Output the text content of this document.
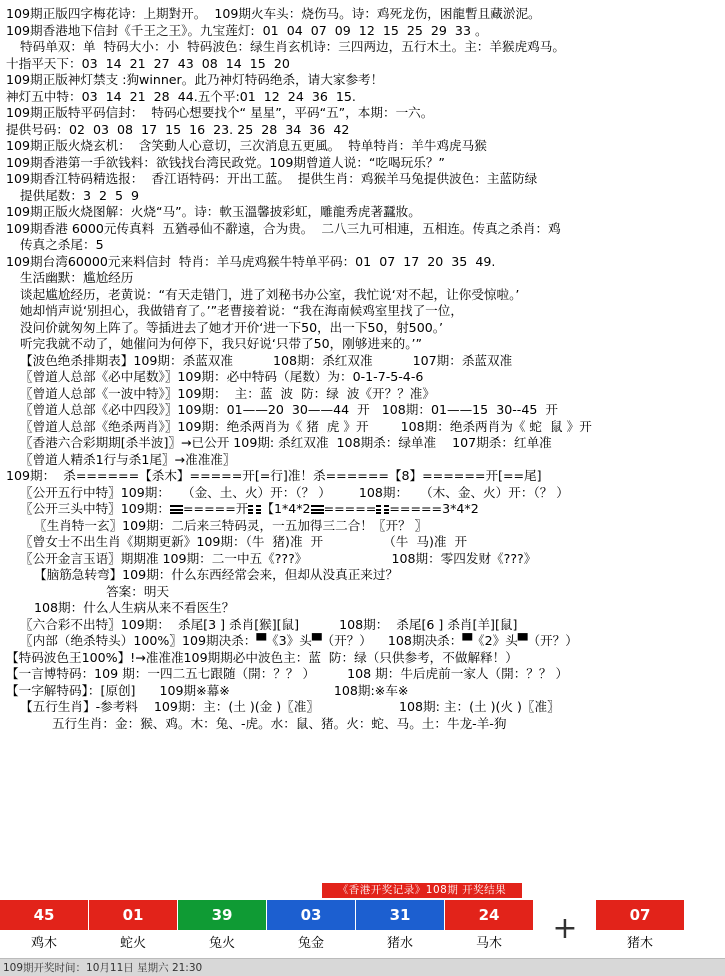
109期正版四字梅花诗：上期對开。  109期火车头：烧伤马。诗：鸡死龙伤，困龍暫且藏淤泥。
109期香港地下信封《千王之王》。九宝莲灯:  01  04  07  09  12  15  25  29  33 。
特码单双：单  特码大小：小  特码波色：绿生肖玄机诗：三四两边，五行木土。主：羊猴虎鸡马。
十指平天下：03  14  21  27  43  08  14  15  20
109期正版神灯禁支 :狗winner。此乃神灯特码绝杀，请大家参考！
神灯五中特：03  14  21  28  44.五个平:01  12  24  36  15.
109期正版特平码信封：  特码心想要找个“ 星星”，平码“五”，本期：一六。
提供号码：02  03  08  17  15  16  23. 25  28  34  36  42
109期正版火烧玄机：  含笑動人心意切，三次消息五更風。  特单特肖：羊牛鸡虎马猴
109期香港第一手欲钱料：欲钱找台湾民政党。109期曾道人说：“吃喝玩乐？”
109期香江特码精选报：  香江语特码：开出工蓝。  提供生肖：鸡猴羊马兔提供波色：主蓝防绿
提供尾数：3  2  5  9
109期正版火烧图解：火烧“马”。诗：軟玉溫馨披彩虹，雕龍秀虎著蠶妝。
109期香港 6000元传真料  五猶尋仙不辭遠，合为贵。  二八三九可相連，五相连。传真之杀肖：鸡
传真之杀尾：5
109期台湾60000元来料信封  特肖：羊马虎鸡猴牛特单平码：01  07  17  20  35  49.
生活幽默：尴尬经历
谈起尴尬经历，老黄说：“有天走错门，进了刘秘书办公室，我忙说‘对不起，让你受惊啦。’
她却悄声说‘别担心，我做错育了。’”老曹接着说：“我在海南候鸡室里找了一位，
没问价就匆匆上阵了。等插进去了她才开价‘进一下50，出一下50，射500。’
听完我就不动了，她催问为何停下，我只好说‘只带了50，刚够进来的。’”
【波色绝杀排期表】109期：杀蓝双准          108期：杀红双准          107期：杀蓝双准
〖曾道人总部《必中尾数》〗109期：必中特码（尾数）为：0-1-7-5-4-6
〖曾道人总部《一波中特》〗109期：  主：蓝  波  防：绿  波《开？？准》
〖曾道人总部《必中四段》〗109期：01——20  30——44  开   108期：01——15  30--45  开
〖曾道人总部《绝杀两肖》〗109期：绝杀两肖为《 猪  虎 》开        108期：绝杀两肖为《 蛇  鼠 》开
〖香港六合彩期期[杀半波]〗→已公开 109期: 杀红双准  108期杀：绿单准    107期杀：红单准
〖曾道人精杀1行与杀1尾〗→准准准〗
109期：  杀======【杀木】=====开[=行]准！杀======【8】======开[==尾]
〖公开五行中特〗109期：   （金、土、火）开：（？ ）       108期：   （木、金、火）开：（？ ）
〖公开三头中特〗109期： =====开 【1*4*2 ===== =====3*4*2
〖生肖特一玄〗109期：二后来三特码灵，一五加得三二合！〖开？ 〗
〖曾女士不出生肖《期期更新》109期：（牛  猪)准  开               （牛  马)准  开
〖公开金言玉语〗期期准 109期：二一中五《???》                     108期：零四发财《???》
【脑筋急转弯】109期：什么东西经常会来，但却从没真正来过？
答案：明天
108期：什么人生病从来不看医生？
〖六合彩不出特〗109期：  杀尾[3 ] 杀肖[猴][鼠]          108期：  杀尾[6 ] 杀肖[羊][鼠]
〖内部（绝杀特头）100%〗109期决杀：▀《3》头▀（开？）    108期决杀：▀《2》头▀（开？）
【特码波色王100%】!→准准准109期期必中波色主：蓝  防：绿（只供参考，不做解释！）
【一言博特码：109 期：一四二五七跟随（開：？？ ）        108 期：牛后虎前一家人（開：？？ ）
【一字解特码】：[原创]      109期※幕※                          108期:※车※
【五行生肖】-参考料    109期：主：(土 )(金 )〖准〗                    108期: 主：(土 )(火 )〖准〗
五行生肖：金：猴、鸡。木：兔、-虎。水：鼠、猪。火：蛇、马。土：牛龙-羊-狗
《香港开奖记录》108期 开奖结果
45
鸡木
01
蛇火
39
兔火
03
兔金
31
猪水
24
马木	+	07
猪木
109期开奖时间：10月11日 星期六 21:30
